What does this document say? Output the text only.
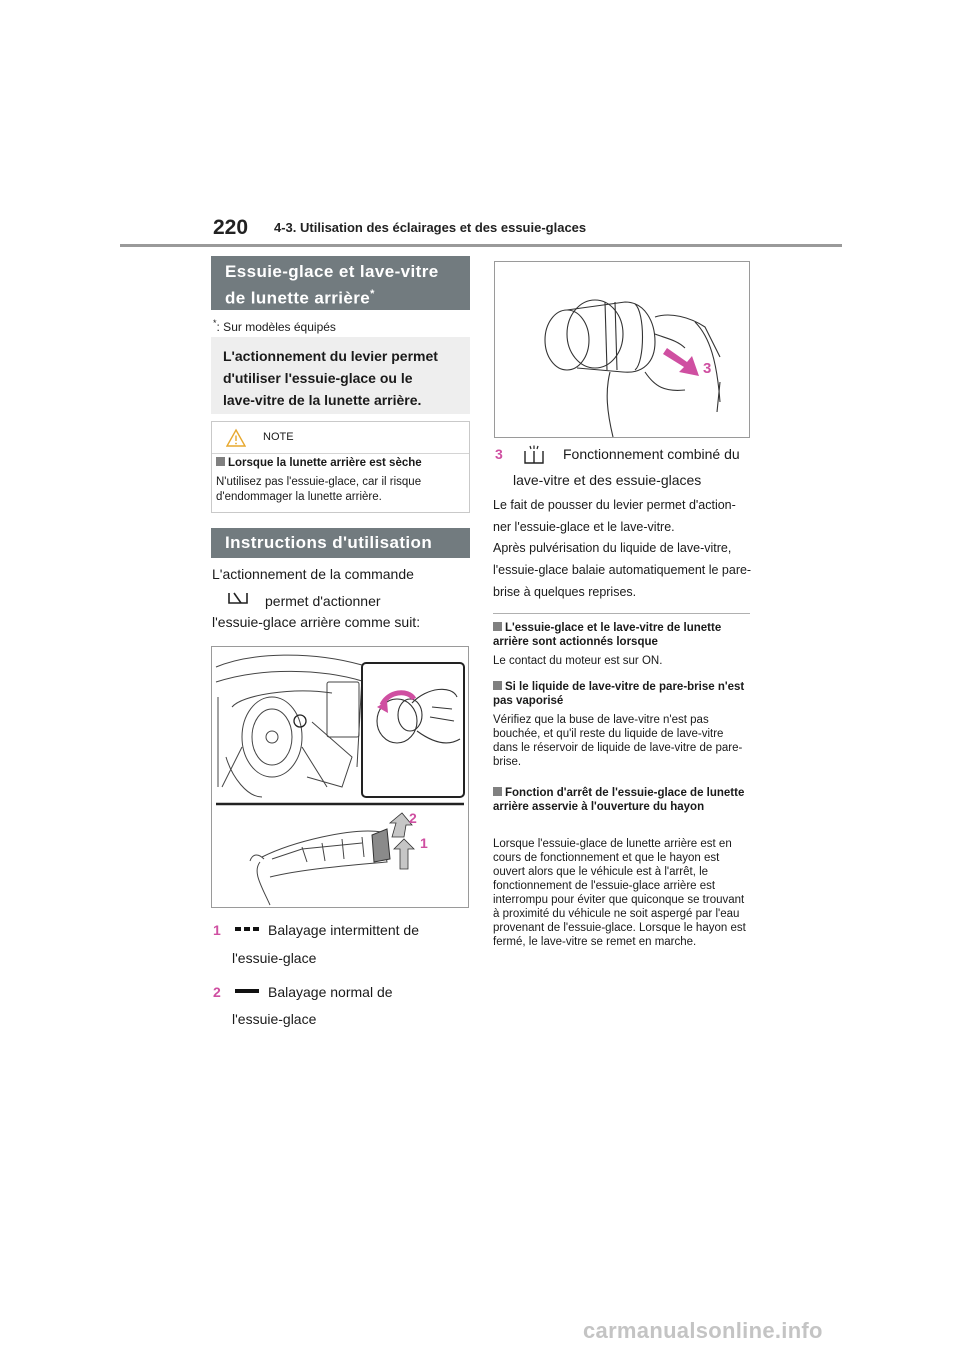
220 4-3. Utilisation des éclairages et des essuie-glaces
Essuie-glace et lave-vitre
de lunette arrière*
*: Sur modèles équipés

L'actionnement du levier permet

d'utiliser l'essuie-glace ou le

lave-vitre de la lunette arrière.

NOTE
Lorsque la lunette arrière est sèche
N'utilisez pas l'essuie-glace, car il risque d'endommager la lunette arrière.
Instructions d'utilisation
L'actionnement de la commande
permet d'actionner
l'essuie-glace arrière comme suit:
2
1
1	Balayage intermittent de
l'essuie-glace
2	Balayage normal de
l'essuie-glace
3
3	Fonctionnement combiné du
lave-vitre et des essuie-glaces
Le fait de pousser du levier permet d'action- ner l'essuie-glace et le lave-vitre.
Après pulvérisation du liquide de lave-vitre, l'essuie-glace balaie automatiquement le pare-brise à quelques reprises.
L'essuie-glace et le lave-vitre de lunette arrière sont actionnés lorsque
Le contact du moteur est sur ON.
Si le liquide de lave-vitre de pare-brise n'est pas vaporisé
Vérifiez que la buse de lave-vitre n'est pas bouchée, et qu'il reste du liquide de lave-vitre dans le réservoir de liquide de lave-vitre de pare-brise.
Fonction d'arrêt de l'essuie-glace de lunette arrière asservie à l'ouverture du hayon
Lorsque l'essuie-glace de lunette arrière est en cours de fonctionnement et que le hayon est ouvert alors que le véhicule est à l'arrêt, le fonctionnement de l'essuie-glace arrière est interrompu pour éviter que quiconque se trouvant à proximité du véhicule ne soit aspergé par l'eau provenant de l'essuie-glace. Lorsque le hayon est fermé, le lave-vitre se remet en marche.
carmanualsonline.info
